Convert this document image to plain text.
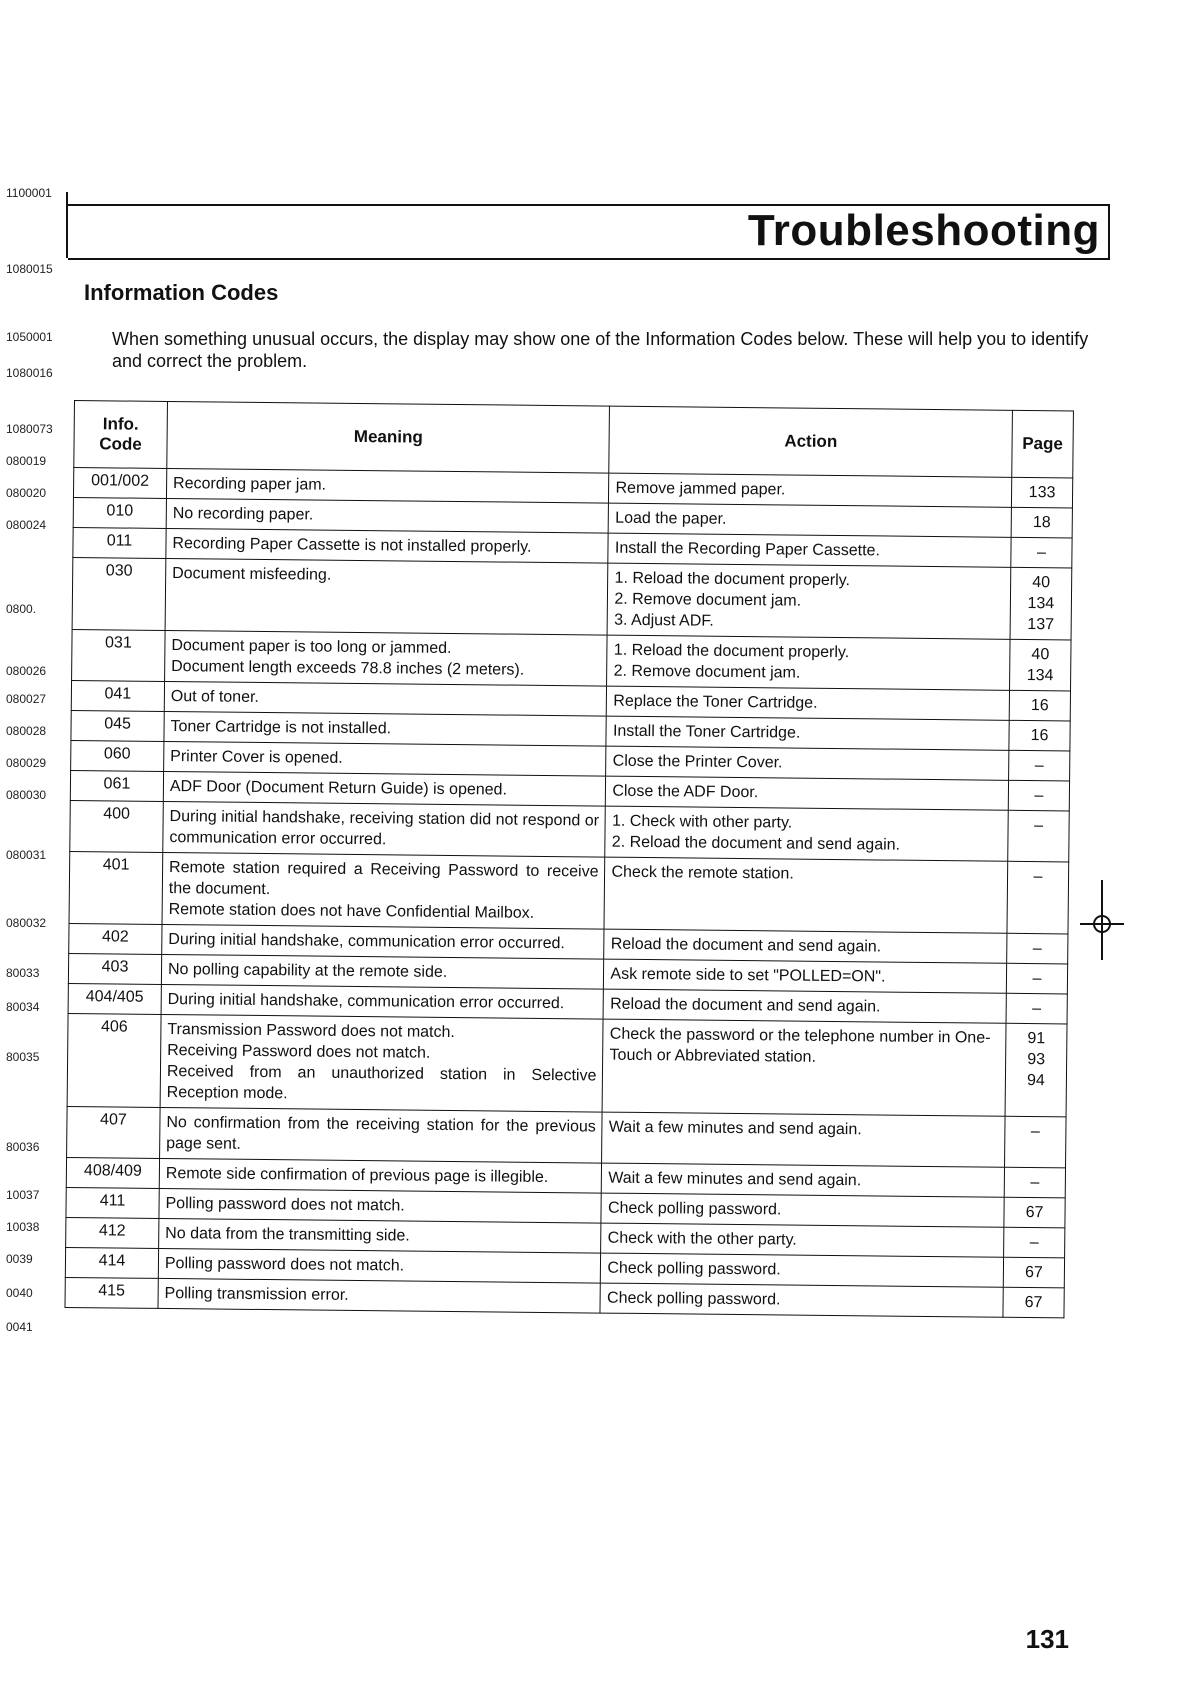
1100001
1080015
1050001
1080016
1080073
080019
080020
080024
0800.
080026
080027
080028
080029
080030
080031
080032
80033
80034
80035
80036
10037
10038
0039
0040
0041
Troubleshooting
Information Codes
When something unusual occurs, the display may show one of the Information Codes below. These will help you to identify and correct the problem.
Info.
Code	Meaning	Action	Page
001/002	Recording paper jam.	Remove jammed paper.	133

010	No recording paper.	Load the paper.	18

011	Recording Paper Cassette is not installed properly.	Install the Recording Paper Cassette.	–

030	Document misfeeding.	1. Reload the document properly.
2. Remove document jam.
3. Adjust ADF.	40
134
137

031	Document paper is too long or jammed.
Document length exceeds 78.8 inches (2 meters).	1. Reload the document properly.
2. Remove document jam.	40
134

041	Out of toner.	Replace the Toner Cartridge.	16

045	Toner Cartridge is not installed.	Install the Toner Cartridge.	16

060	Printer Cover is opened.	Close the Printer Cover.	–

061	ADF Door (Document Return Guide) is opened.	Close the ADF Door.	–

400	During initial handshake, receiving station did not respond or communication error occurred.	1. Check with other party.
2. Reload the document and send again.	–

401	Remote station required a Receiving Password to receive the document.
Remote station does not have Confidential Mailbox.	Check the remote station.	–

402	During initial handshake, communication error occurred.	Reload the document and send again.	–

403	No polling capability at the remote side.	Ask remote side to set "POLLED=ON".	–

404/405	During initial handshake, communication error occurred.	Reload the document and send again.	–

406	Transmission Password does not match.
Receiving Password does not match.
Received from an unauthorized station in Selective Reception mode.	Check the password or the telephone number in One-Touch or Abbreviated station.	91
93
94

407	No confirmation from the receiving station for the previous page sent.	Wait a few minutes and send again.	–

408/409	Remote side confirmation of previous page is illegible.	Wait a few minutes and send again.	–

411	Polling password does not match.	Check polling password.	67

412	No data from the transmitting side.	Check with the other party.	–

414	Polling password does not match.	Check polling password.	67

415	Polling transmission error.	Check polling password.	67
131
